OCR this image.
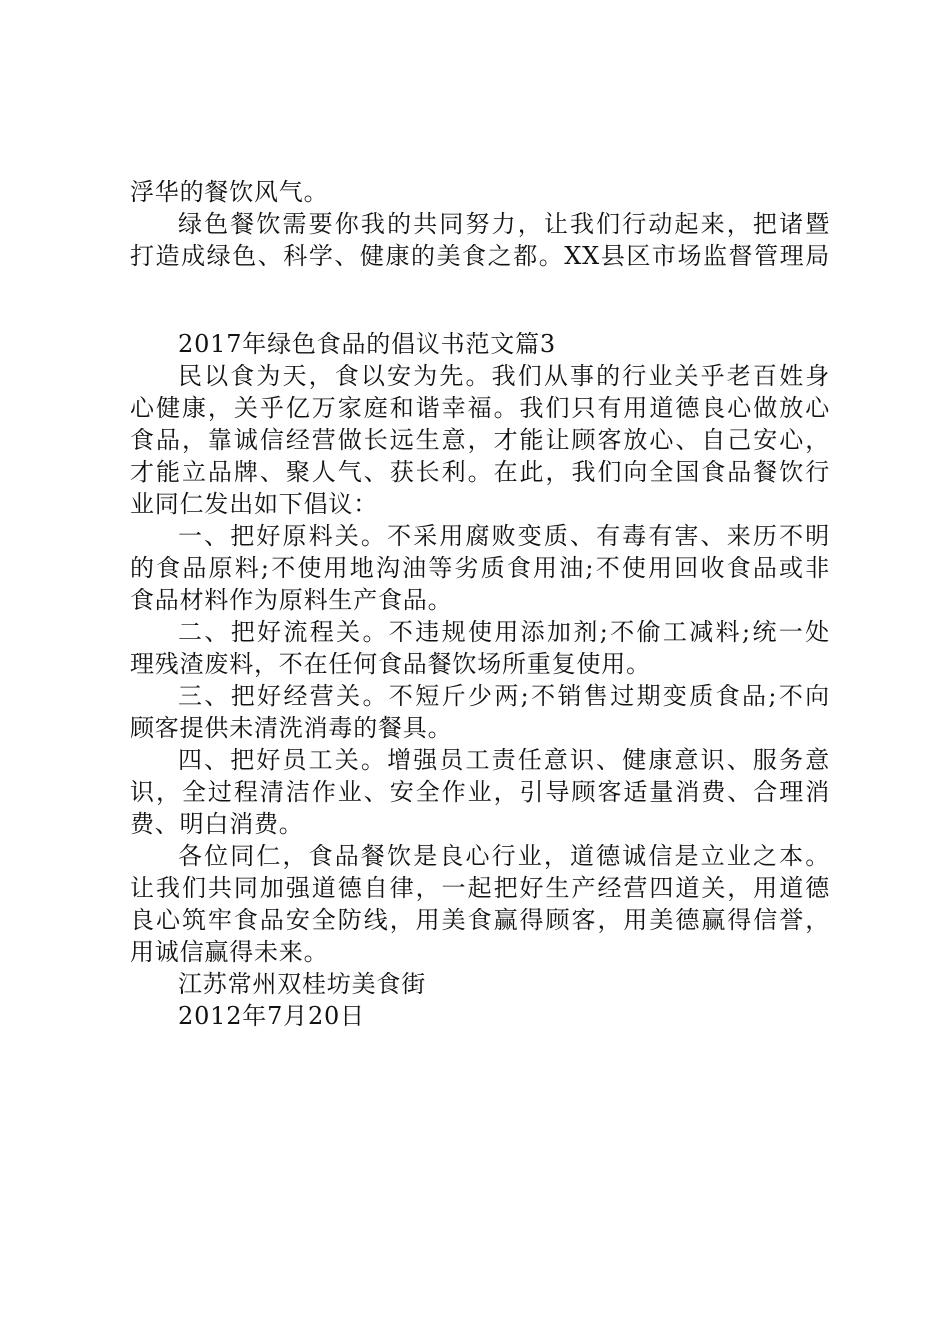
浮华的餐饮风气。
绿色餐饮需要你我的共同努力，让我们行动起来，把诸暨
打造成绿色、科学、健康的美食之都。XX县区市场监督管理局
2017年绿色食品的倡议书范文篇3
民以食为天，食以安为先。我们从事的行业关乎老百姓身
心健康，关乎亿万家庭和谐幸福。我们只有用道德良心做放心
食品，靠诚信经营做长远生意，才能让顾客放心、自己安心，
才能立品牌、聚人气、获长利。在此，我们向全国食品餐饮行
业同仁发出如下倡议：
一、把好原料关。不采用腐败变质、有毒有害、来历不明
的食品原料;不使用地沟油等劣质食用油;不使用回收食品或非
食品材料作为原料生产食品。
二、把好流程关。不违规使用添加剂;不偷工减料;统一处
理残渣废料，不在任何食品餐饮场所重复使用。
三、把好经营关。不短斤少两;不销售过期变质食品;不向
顾客提供未清洗消毒的餐具。
四、把好员工关。增强员工责任意识、健康意识、服务意
识，全过程清洁作业、安全作业，引导顾客适量消费、合理消
费、明白消费。
各位同仁，食品餐饮是良心行业，道德诚信是立业之本。
让我们共同加强道德自律，一起把好生产经营四道关，用道德
良心筑牢食品安全防线，用美食赢得顾客，用美德赢得信誉，
用诚信赢得未来。
江苏常州双桂坊美食街
2012年7月20日
